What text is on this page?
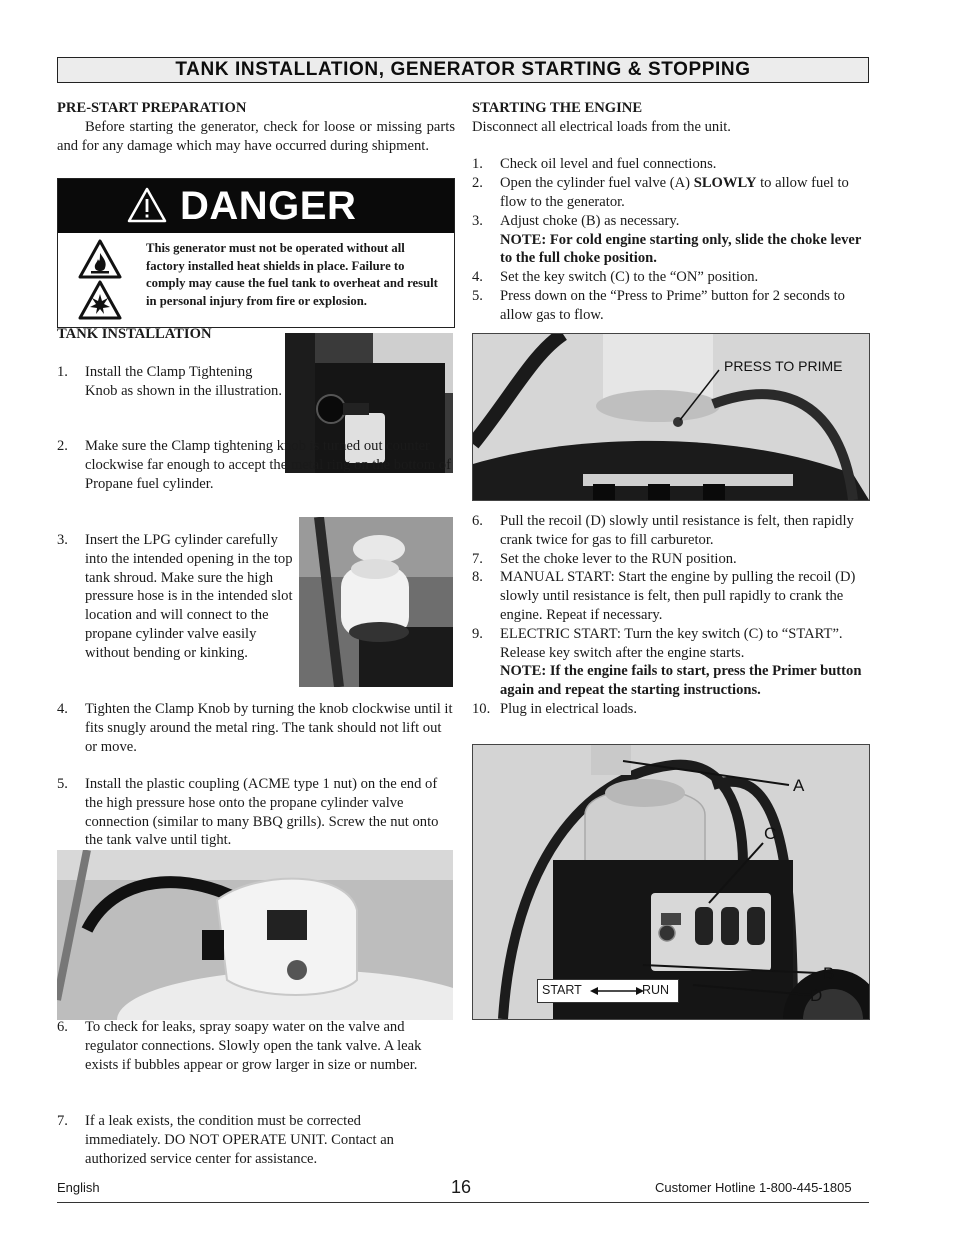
TANK INSTALLATION, GENERATOR STARTING & STOPPING

PRE-START PREPARATION

Before starting the generator, check for loose or missing parts and for any damage which may have occurred during shipment.

DANGER
This generator must not be operated without all factory installed heat shields in place. Failure to comply may cause the fuel tank to overheat and result in personal injury from fire or explosion.
TANK INSTALLATION
1. Install the Clamp Tightening Knob as shown in the illustration.
2. Make sure the Clamp tightening knob is turned out counter clockwise far enough to accept the metal ring on the bottom of Propane fuel cylinder.
3. Insert the LPG cylinder carefully into the intended opening in the top tank shroud. Make sure the high pressure hose is in the intended slot location and will connect to the propane cylinder valve easily without bending or kinking.
4. Tighten the Clamp Knob by turning the knob clockwise until it fits snugly around the metal ring. The tank should not lift out or move.
5. Install the plastic coupling (ACME type 1 nut) on the end of the high pressure hose onto the propane cylinder valve connection (similar to many BBQ grills). Screw the nut onto the tank valve until tight.
6. To check for leaks, spray soapy water on the valve and regulator connections. Slowly open the tank valve. A leak exists if bubbles appear or grow larger in size or number.
7. If a leak exists, the condition must be corrected immediately. DO NOT OPERATE UNIT. Contact an authorized service center for assistance.

STARTING THE ENGINE

Disconnect all electrical loads from the unit.

1. Check oil level and fuel connections.
2. Open the cylinder fuel valve (A) SLOWLY to allow fuel to flow to the generator.
3. Adjust choke (B) as necessary.
NOTE: For cold engine starting only, slide the choke lever to the full choke position.
4. Set the key switch (C) to the “ON” position.
5. Press down on the “Press to Prime” button for 2 seconds to allow gas to flow.
PRESS TO PRIME
6. Pull the recoil (D) slowly until resistance is felt, then rapidly crank twice for gas to fill carburetor.
7. Set the choke lever to the RUN position.
8. MANUAL START: Start the engine by pulling the recoil (D) slowly until resistance is felt, then pull rapidly to crank the engine. Repeat if necessary.
9. ELECTRIC START: Turn the key switch (C) to “START”. Release key switch after the engine starts.
NOTE: If the engine fails to start, press the Primer button again and repeat the starting instructions.
10. Plug in electrical loads.
A
C
B
D
START	RUN
English	16	Customer Hotline 1-800-445-1805
